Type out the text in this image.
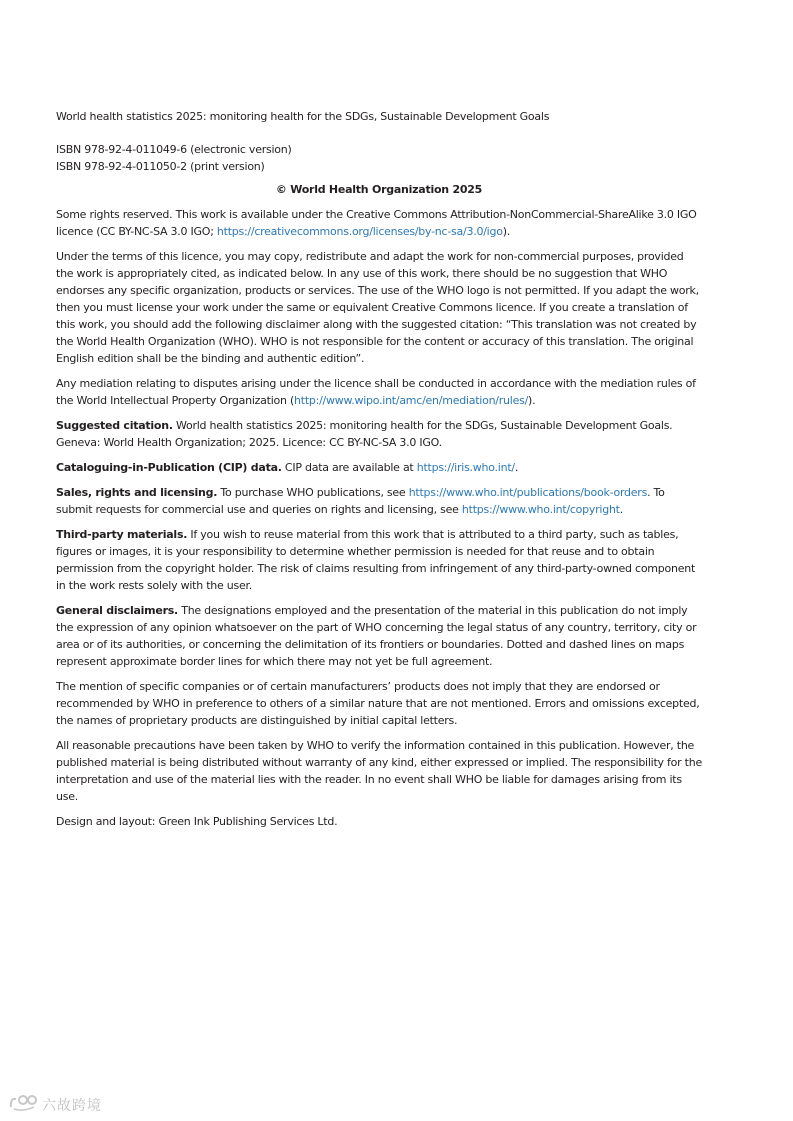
World health statistics 2025: monitoring health for the SDGs, Sustainable Development Goals

ISBN 978-92-4-011049-6 (electronic version)

ISBN 978-92-4-011050-2 (print version)

© World Health Organization 2025

Some rights reserved. This work is available under the Creative Commons Attribution-NonCommercial-ShareAlike 3.0 IGO licence (CC BY-NC-SA 3.0 IGO; https://creativecommons.org/licenses/by-nc-sa/3.0/igo).

Under the terms of this licence, you may copy, redistribute and adapt the work for non-commercial purposes, provided the work is appropriately cited, as indicated below. In any use of this work, there should be no suggestion that WHO endorses any specific organization, products or services. The use of the WHO logo is not permitted. If you adapt the work, then you must license your work under the same or equivalent Creative Commons licence. If you create a translation of this work, you should add the following disclaimer along with the suggested citation: “This translation was not created by the World Health Organization (WHO). WHO is not responsible for the content or accuracy of this translation. The original English edition shall be the binding and authentic edition”.

Any mediation relating to disputes arising under the licence shall be conducted in accordance with the mediation rules of the World Intellectual Property Organization (http://www.wipo.int/amc/en/mediation/rules/).

Suggested citation. World health statistics 2025: monitoring health for the SDGs, Sustainable Development Goals. Geneva: World Health Organization; 2025. Licence: CC BY-NC-SA 3.0 IGO.

Cataloguing-in-Publication (CIP) data. CIP data are available at https://iris.who.int/.

Sales, rights and licensing. To purchase WHO publications, see https://www.who.int/publications/book-orders. To submit requests for commercial use and queries on rights and licensing, see https://www.who.int/copyright.

Third-party materials. If you wish to reuse material from this work that is attributed to a third party, such as tables, figures or images, it is your responsibility to determine whether permission is needed for that reuse and to obtain permission from the copyright holder. The risk of claims resulting from infringement of any third-party-owned component in the work rests solely with the user.

General disclaimers. The designations employed and the presentation of the material in this publication do not imply the expression of any opinion whatsoever on the part of WHO concerning the legal status of any country, territory, city or area or of its authorities, or concerning the delimitation of its frontiers or boundaries. Dotted and dashed lines on maps represent approximate border lines for which there may not yet be full agreement.

The mention of specific companies or of certain manufacturers’ products does not imply that they are endorsed or recommended by WHO in preference to others of a similar nature that are not mentioned. Errors and omissions excepted, the names of proprietary products are distinguished by initial capital letters.

All reasonable precautions have been taken by WHO to verify the information contained in this publication. However, the published material is being distributed without warranty of any kind, either expressed or implied. The responsibility for the interpretation and use of the material lies with the reader. In no event shall WHO be liable for damages arising from its use.

Design and layout: Green Ink Publishing Services Ltd.

六故跨境
